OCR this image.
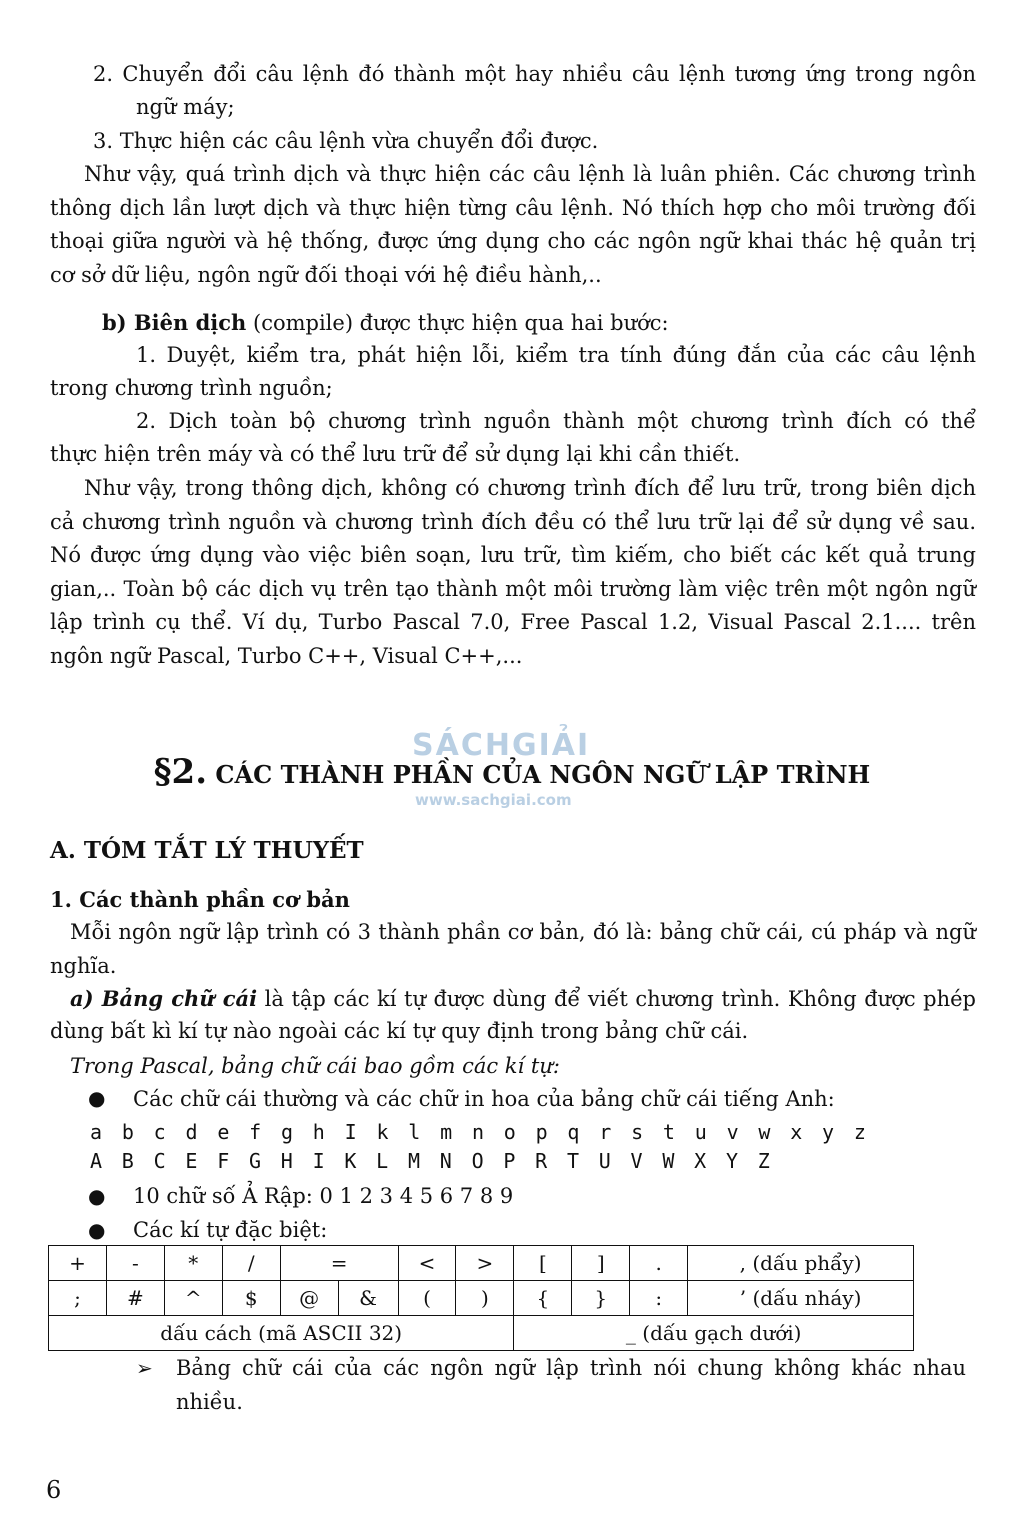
2. Chuyển đổi câu lệnh đó thành một hay nhiều câu lệnh tương ứng trong ngôn
ngữ máy;
3. Thực hiện các câu lệnh vừa chuyển đổi được.
Như vậy, quá trình dịch và thực hiện các câu lệnh là luân phiên. Các chương trình
thông dịch lần lượt dịch và thực hiện từng câu lệnh. Nó thích hợp cho môi trường đối
thoại giữa người và hệ thống, được ứng dụng cho các ngôn ngữ khai thác hệ quản trị
cơ sở dữ liệu, ngôn ngữ đối thoại với hệ điều hành,..
b) Biên dịch (compile) được thực hiện qua hai bước:
1. Duyệt, kiểm tra, phát hiện lỗi, kiểm tra tính đúng đắn của các câu lệnh
trong chương trình nguồn;
2. Dịch toàn bộ chương trình nguồn thành một chương trình đích có thể
thực hiện trên máy và có thể lưu trữ để sử dụng lại khi cần thiết.
Như vậy, trong thông dịch, không có chương trình đích để lưu trữ, trong biên dịch
cả chương trình nguồn và chương trình đích đều có thể lưu trữ lại để sử dụng về sau.
Nó được ứng dụng vào việc biên soạn, lưu trữ, tìm kiếm, cho biết các kết quả trung
gian,.. Toàn bộ các dịch vụ trên tạo thành một môi trường làm việc trên một ngôn ngữ
lập trình cụ thể. Ví dụ, Turbo Pascal 7.0, Free Pascal 1.2, Visual Pascal 2.1.... trên
ngôn ngữ Pascal, Turbo C++, Visual C++,...
SÁCHGIẢI
www.sachgiai.com
§2. CÁC THÀNH PHẦN CỦA NGÔN NGỮ LẬP TRÌNH
A. TÓM TẮT LÝ THUYẾT
1. Các thành phần cơ bản
Mỗi ngôn ngữ lập trình có 3 thành phần cơ bản, đó là: bảng chữ cái, cú pháp và ngữ
nghĩa.
a) Bảng chữ cái là tập các kí tự được dùng để viết chương trình. Không được phép
dùng bất kì kí tự nào ngoài các kí tự quy định trong bảng chữ cái.
Trong Pascal, bảng chữ cái bao gồm các kí tự:
● Các chữ cái thường và các chữ in hoa của bảng chữ cái tiếng Anh:
a b c d e f g h I k l m n o p q r s t u v w x y z
A B C E F G H I K L M N O P R T U V W X Y Z
● 10 chữ số Ả Rập: 0 1 2 3 4 5 6 7 8 9
● Các kí tự đặc biệt:
+	-	*	/	=		<	>	[	]	.	, (dấu phẩy)
;	#	^	$	@	&	(	)	{	}	:	’ (dấu nháy)
dấu cách (mã ASCII 32)								_ (dấu gạch dưới)			
➢ Bảng chữ cái của các ngôn ngữ lập trình nói chung không khác nhau
nhiều.
6
